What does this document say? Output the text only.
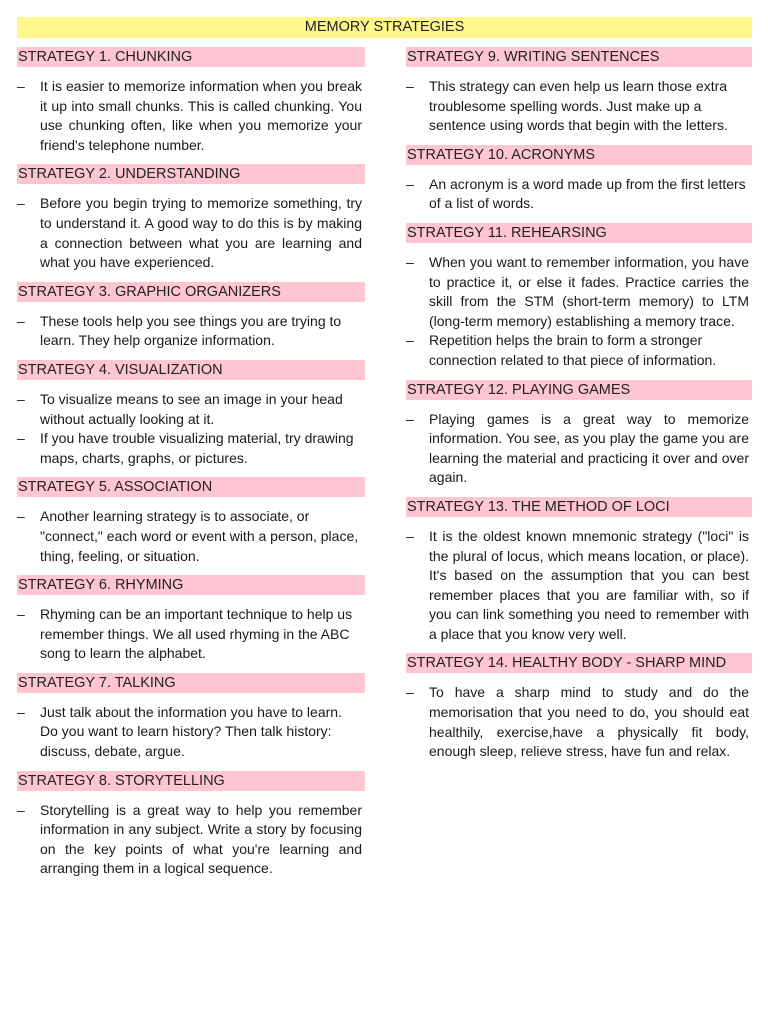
MEMORY STRATEGIES
STRATEGY 1. CHUNKING
– It is easier to memorize information when you break it up into small chunks. This is called chunking. You use chunking often, like when you memorize your friend's telephone number.
STRATEGY 2. UNDERSTANDING
– Before you begin trying to memorize something, try to understand it. A good way to do this is by making a connection between what you are learning and what you have experienced.
STRATEGY 3. GRAPHIC ORGANIZERS
– These tools help you see things you are trying to learn. They help organize information.
STRATEGY 4. VISUALIZATION
– To visualize means to see an image in your head without actually looking at it.
– If you have trouble visualizing material, try drawing maps, charts, graphs, or pictures.
STRATEGY 5. ASSOCIATION
– Another learning strategy is to associate, or "connect," each word or event with a person, place, thing, feeling, or situation.
STRATEGY 6. RHYMING
– Rhyming can be an important technique to help us remember things. We all used rhyming in the ABC song to learn the alphabet.
STRATEGY 7. TALKING
– Just talk about the information you have to learn. Do you want to learn history? Then talk history: discuss, debate, argue.
STRATEGY 8. STORYTELLING
– Storytelling is a great way to help you remember information in any subject. Write a story by focusing on the key points of what you're learning and arranging them in a logical sequence.
STRATEGY 9. WRITING SENTENCES
– This strategy can even help us learn those extra troublesome spelling words. Just make up a sentence using words that begin with the letters.
STRATEGY 10. ACRONYMS
– An acronym is a word made up from the first letters of a list of words.
STRATEGY 11. REHEARSING
– When you want to remember information, you have to practice it, or else it fades. Practice carries the skill from the STM (short-term memory) to LTM (long-term memory) establishing a memory trace.
– Repetition helps the brain to form a stronger connection related to that piece of information.
STRATEGY 12. PLAYING GAMES
– Playing games is a great way to memorize information. You see, as you play the game you are learning the material and practicing it over and over again.
STRATEGY 13. THE METHOD OF LOCI
– It is the oldest known mnemonic strategy ("loci" is the plural of locus, which means location, or place). It's based on the assumption that you can best remember places that you are familiar with, so if you can link something you need to remember with a place that you know very well.
STRATEGY 14. HEALTHY BODY - SHARP MIND
– To have a sharp mind to study and do the memorisation that you need to do, you should eat healthily, exercise,have a physically fit body, enough sleep, relieve stress, have fun and relax.
